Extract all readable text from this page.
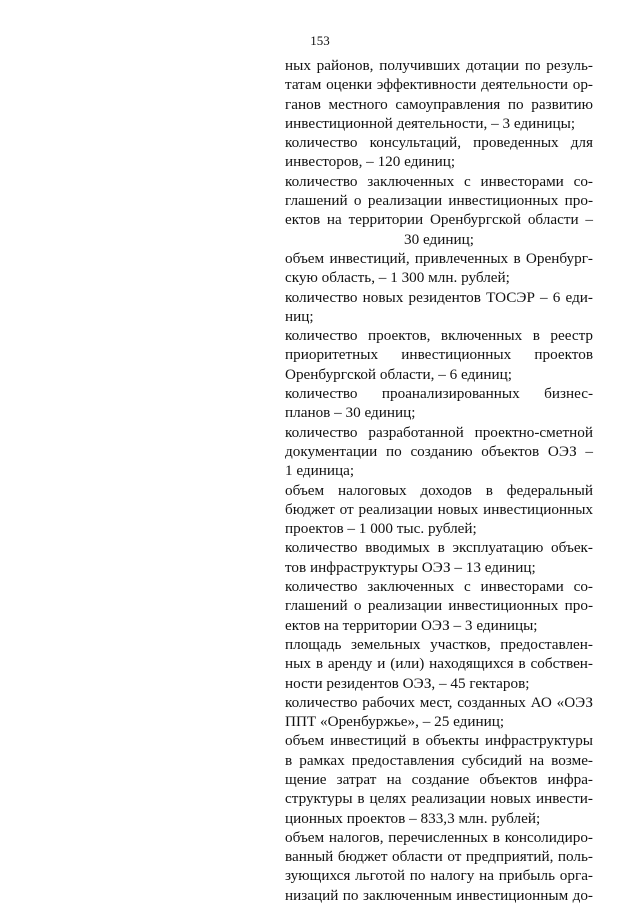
153

ных районов, получивших дотации по резуль-
татам оценки эффективности деятельности ор-
ганов местного самоуправления по развитию
инвестиционной деятельности, – 3 единицы;

количество консультаций, проведенных для
инвесторов, – 120 единиц;

количество заключенных с инвесторами со-
глашений о реализации инвестиционных про-
ектов на территории Оренбургской области –
30 единиц;

объем инвестиций, привлеченных в Оренбург-
скую область, – 1 300 млн. рублей;

количество новых резидентов ТОСЭР – 6 еди-
ниц;

количество проектов, включенных в реестр
приоритетных инвестиционных проектов
Оренбургской области, – 6 единиц;

количество проанализированных бизнес-
планов – 30 единиц;

количество разработанной проектно-сметной
документации по созданию объектов ОЭЗ –
1 единица;

объем налоговых доходов в федеральный
бюджет от реализации новых инвестиционных
проектов – 1 000 тыс. рублей;

количество вводимых в эксплуатацию объек-
тов инфраструктуры ОЭЗ – 13 единиц;

количество заключенных с инвесторами со-
глашений о реализации инвестиционных про-
ектов на территории ОЭЗ – 3 единицы;

площадь земельных участков, предоставлен-
ных в аренду и (или) находящихся в собствен-
ности резидентов ОЭЗ, – 45 гектаров;

количество рабочих мест, созданных АО «ОЭЗ
ППТ «Оренбуржье», – 25 единиц;

объем инвестиций в объекты инфраструктуры
в рамках предоставления субсидий на возме-
щение затрат на создание объектов инфра-
структуры в целях реализации новых инвести-
ционных проектов – 833,3 млн. рублей;

объем налогов, перечисленных в консолидиро-
ванный бюджет области от предприятий, поль-
зующихся льготой по налогу на прибыль орга-
низаций по заключенным инвестиционным до-
